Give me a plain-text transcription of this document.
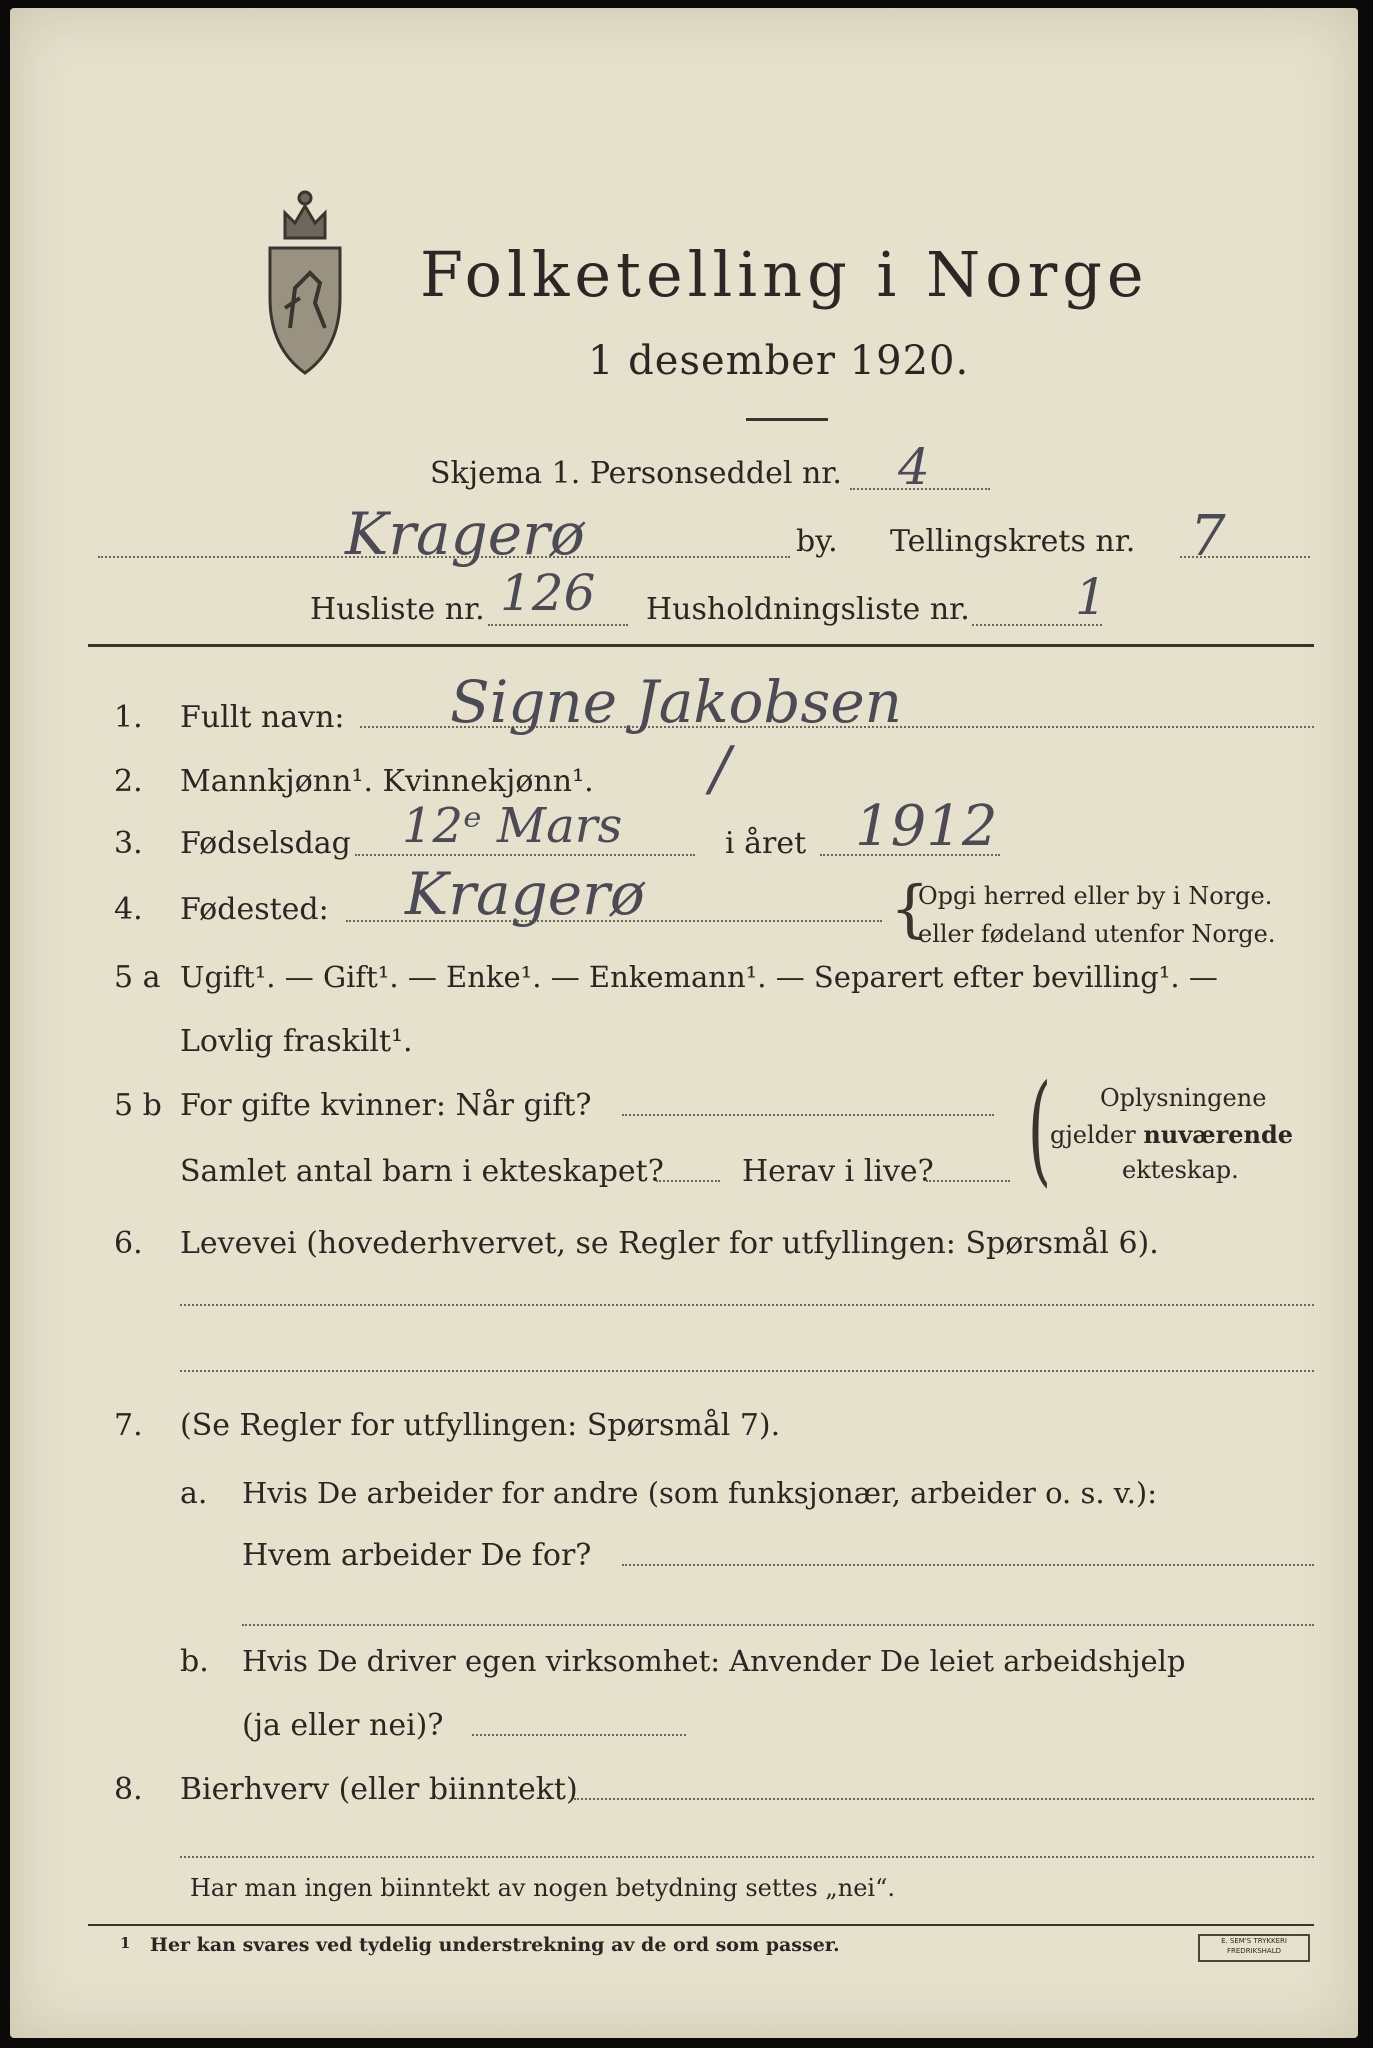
Folketelling i Norge
1 desember 1920.
Skjema 1. Personseddel nr. 4
Kragerø	by. Tellingskrets nr. 7
Husliste nr. 126 Husholdningsliste nr. 1
1. Fullt navn: Signe Jakobsen
2. Mannkjønn¹. Kvinnekjønn¹. /
3. Fødselsdag 12ᵉ Mars	i året 1912
4. Fødested: Kragerø	{
Opgi herred eller by i Norge.
eller fødeland utenfor Norge.
5 a Ugift¹. — Gift¹. — Enke¹. — Enkemann¹. — Separert efter bevilling¹. —
Lovlig fraskilt¹.
5 b For gifte kvinner: Når gift?
Samlet antal barn i ekteskapet?	Herav i live? ( Oplysningene
gjelder nuværende
ekteskap.
6. Levevei (hovederhvervet, se Regler for utfyllingen: Spørsmål 6).
7. (Se Regler for utfyllingen: Spørsmål 7).
a. Hvis De arbeider for andre (som funksjonær, arbeider o. s. v.):
Hvem arbeider De for?
b. Hvis De driver egen virksomhet: Anvender De leiet arbeidshjelp
(ja eller nei)?
8. Bierhverv (eller biinntekt)
Har man ingen biinntekt av nogen betydning settes „nei“.
1 Her kan svares ved tydelig understrekning av de ord som passer.	E. SEM'S TRYKKERI
FREDRIKSHALD
